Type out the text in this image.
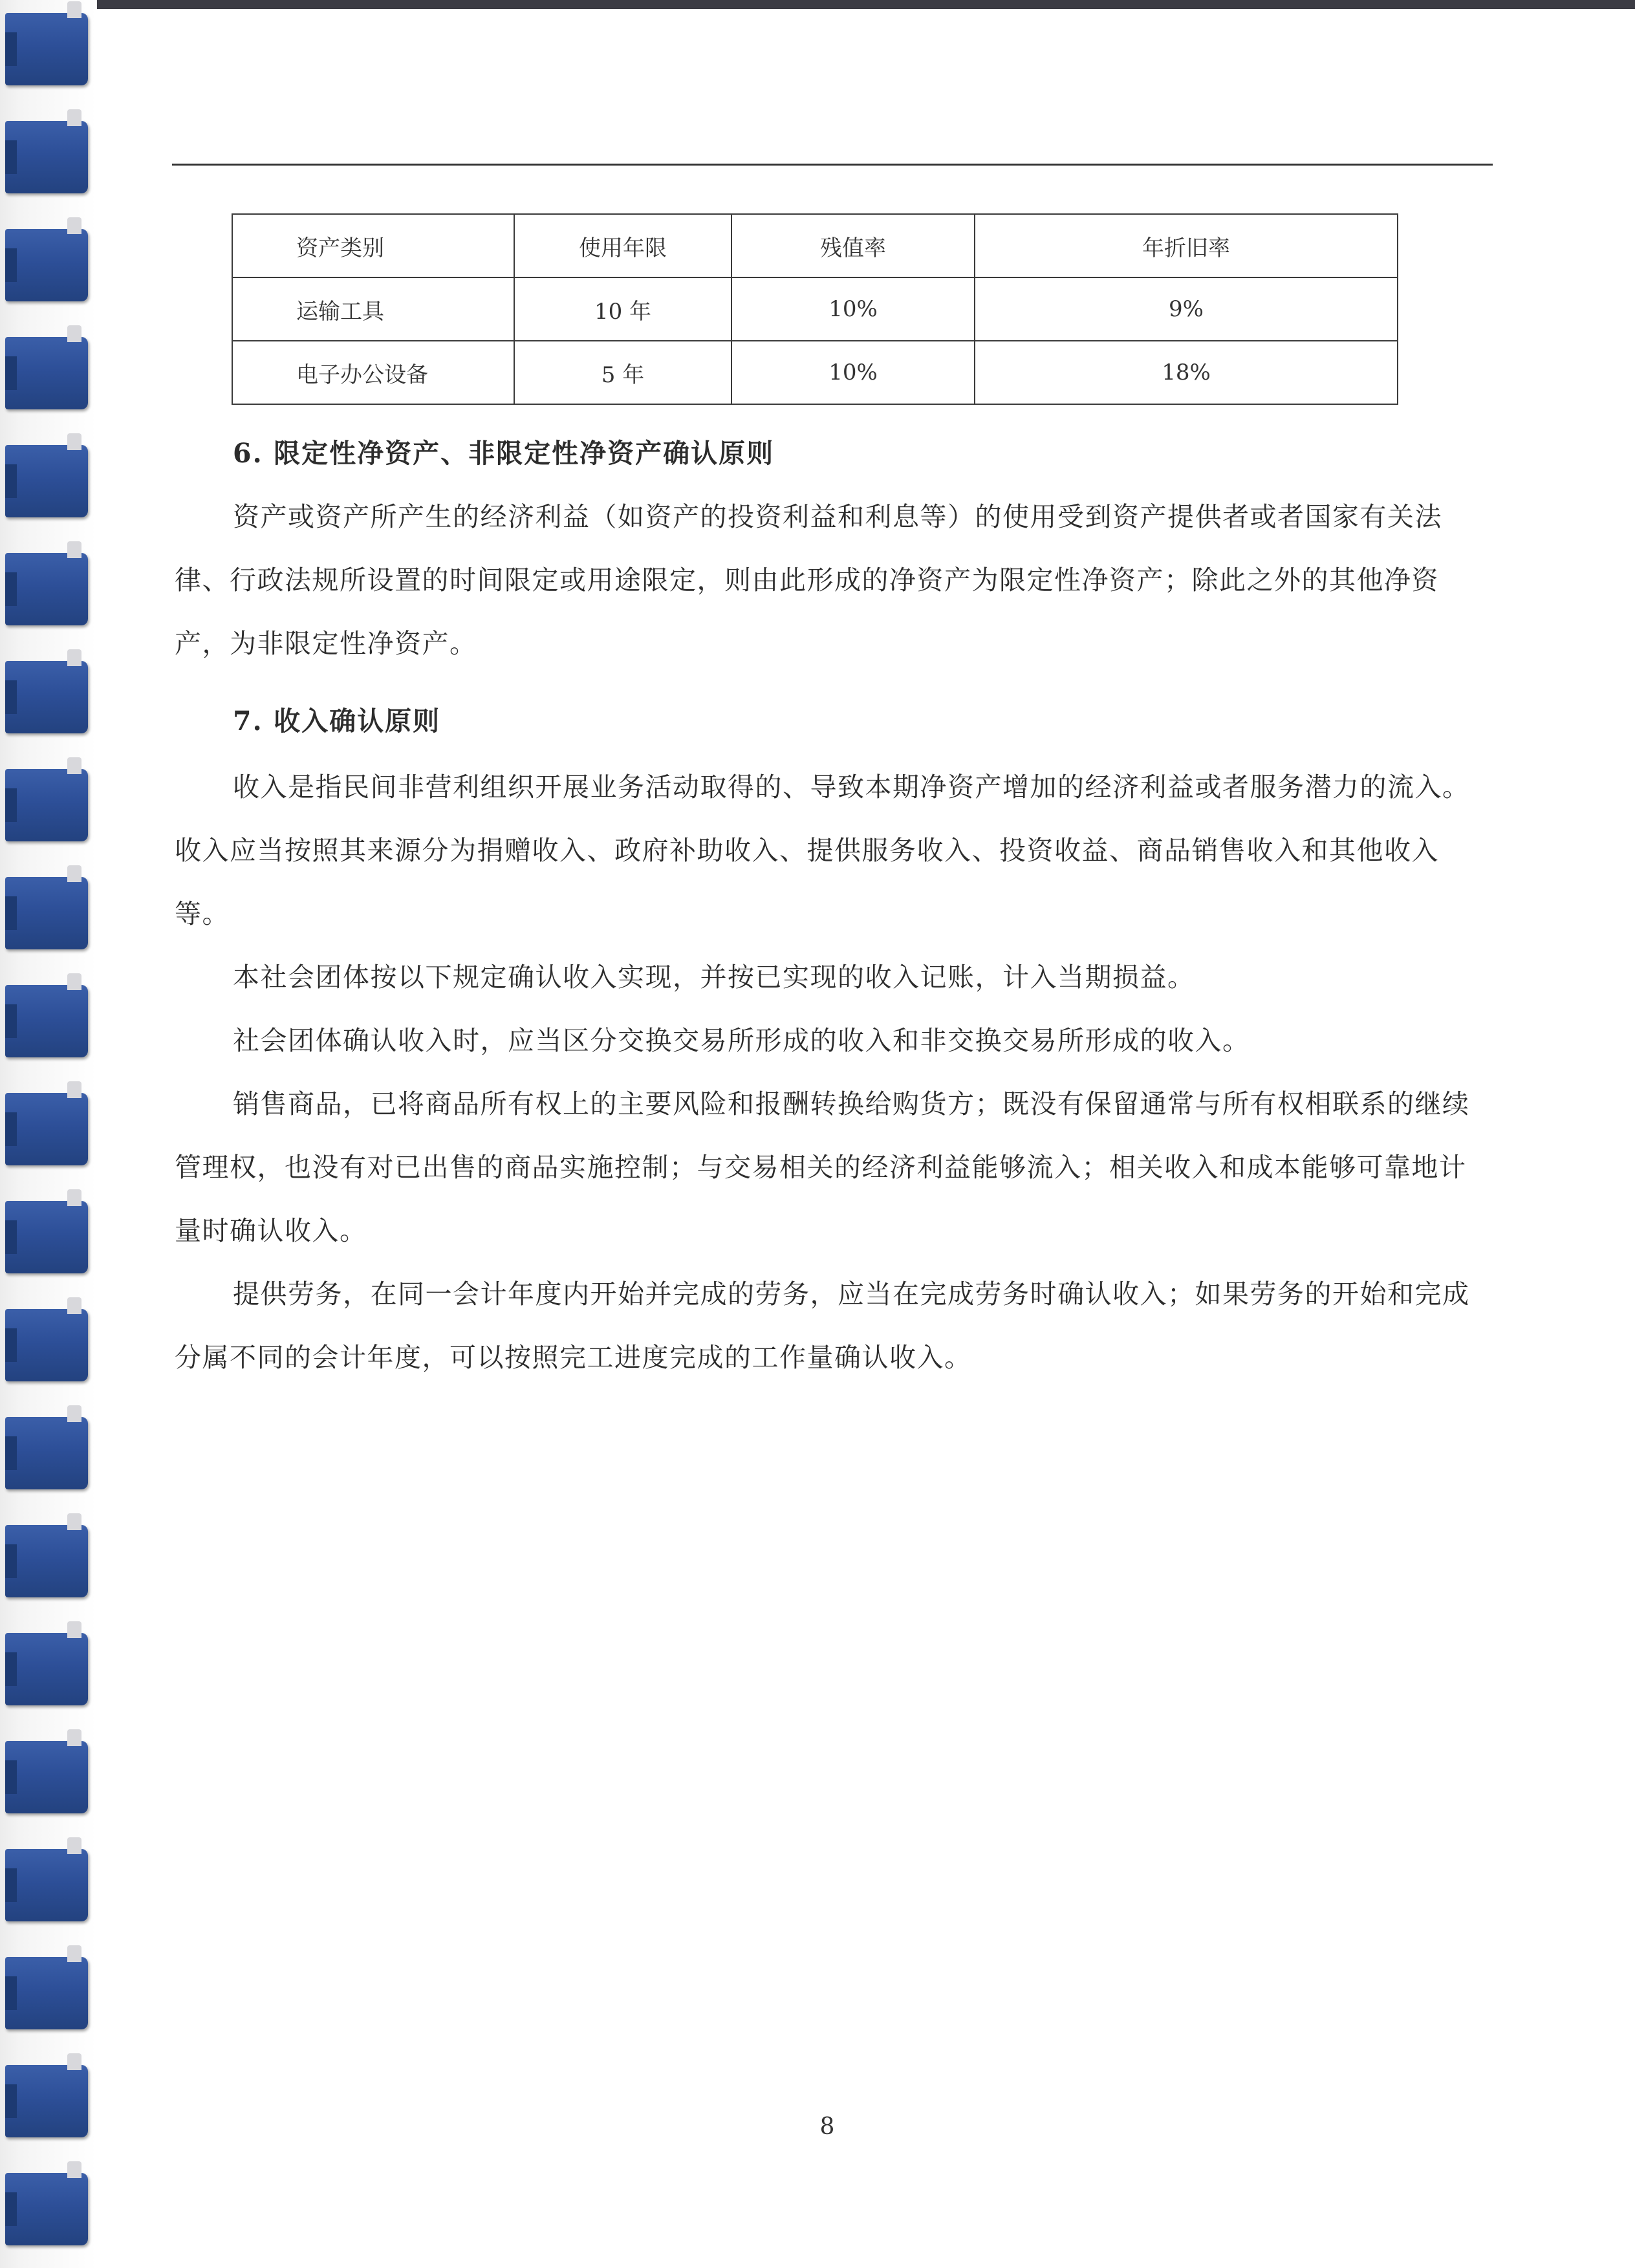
资产类别	使用年限	残值率	年折旧率
运输工具	10 年	10%	9%
电子办公设备	5 年	10%	18%
6. 限定性净资产、非限定性净资产确认原则
资产或资产所产生的经济利益（如资产的投资利益和利息等）的使用受到资产提供者或者国家有关法律、行政法规所设置的时间限定或用途限定，则由此形成的净资产为限定性净资产；除此之外的其他净资产，为非限定性净资产。
7. 收入确认原则
收入是指民间非营利组织开展业务活动取得的、导致本期净资产增加的经济利益或者服务潜力的流入。收入应当按照其来源分为捐赠收入、政府补助收入、提供服务收入、投资收益、商品销售收入和其他收入等。
本社会团体按以下规定确认收入实现，并按已实现的收入记账，计入当期损益。
社会团体确认收入时，应当区分交换交易所形成的收入和非交换交易所形成的收入。
销售商品，已将商品所有权上的主要风险和报酬转换给购货方；既没有保留通常与所有权相联系的继续管理权，也没有对已出售的商品实施控制；与交易相关的经济利益能够流入；相关收入和成本能够可靠地计量时确认收入。
提供劳务，在同一会计年度内开始并完成的劳务，应当在完成劳务时确认收入；如果劳务的开始和完成分属不同的会计年度，可以按照完工进度完成的工作量确认收入。
8
